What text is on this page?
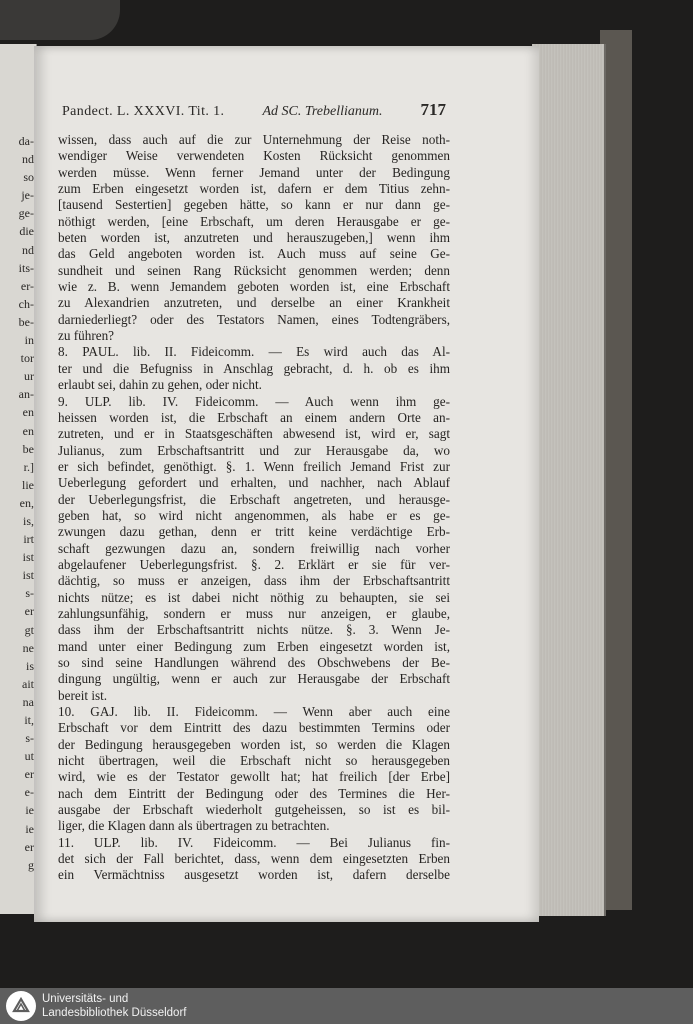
da-
nd
so
je-
ge-
die
nd
its-
er-
ch-
be-
in
tor
ur
an-
en
en
be
r.]
lie
en,
is,
irt
ist
ist
s-
er
gt
ne
is
ait
na
it,
s-
ut
er
e-
ie
ie
er
g
Pandect. L. XXXVI. Tit. 1.	Ad SC. Trebellianum. 717
wissen, dass auch auf die zur Unternehmung der Reise noth-
wendiger Weise verwendeten Kosten Rücksicht genommen
werden müsse. Wenn ferner Jemand unter der Bedingung
zum Erben eingesetzt worden ist, dafern er dem Titius zehn-
[tausend Sestertien] gegeben hätte, so kann er nur dann ge-
nöthigt werden, [eine Erbschaft, um deren Herausgabe er ge-
beten worden ist, anzutreten und herauszugeben,] wenn ihm
das Geld angeboten worden ist. Auch muss auf seine Ge-
sundheit und seinen Rang Rücksicht genommen werden; denn
wie z. B. wenn Jemandem geboten worden ist, eine Erbschaft
zu Alexandrien anzutreten, und derselbe an einer Krankheit
darniederliegt? oder des Testators Namen, eines Todtengräbers,
zu führen?
8. PAUL. lib. II. Fideicomm. — Es wird auch das Al-
ter und die Befugniss in Anschlag gebracht, d. h. ob es ihm
erlaubt sei, dahin zu gehen, oder nicht.
9. ULP. lib. IV. Fideicomm. — Auch wenn ihm ge-
heissen worden ist, die Erbschaft an einem andern Orte an-
zutreten, und er in Staatsgeschäften abwesend ist, wird er, sagt
Julianus, zum Erbschaftsantritt und zur Herausgabe da, wo
er sich befindet, genöthigt. §. 1. Wenn freilich Jemand Frist zur
Ueberlegung gefordert und erhalten, und nachher, nach Ablauf
der Ueberlegungsfrist, die Erbschaft angetreten, und herausge-
geben hat, so wird nicht angenommen, als habe er es ge-
zwungen dazu gethan, denn er tritt keine verdächtige Erb-
schaft gezwungen dazu an, sondern freiwillig nach vorher
abgelaufener Ueberlegungsfrist. §. 2. Erklärt er sie für ver-
dächtig, so muss er anzeigen, dass ihm der Erbschaftsantritt
nichts nütze; es ist dabei nicht nöthig zu behaupten, sie sei
zahlungsunfähig, sondern er muss nur anzeigen, er glaube,
dass ihm der Erbschaftsantritt nichts nütze. §. 3. Wenn Je-
mand unter einer Bedingung zum Erben eingesetzt worden ist,
so sind seine Handlungen während des Obschwebens der Be-
dingung ungültig, wenn er auch zur Herausgabe der Erbschaft
bereit ist.
10. GAJ. lib. II. Fideicomm. — Wenn aber auch eine
Erbschaft vor dem Eintritt des dazu bestimmten Termins oder
der Bedingung herausgegeben worden ist, so werden die Klagen
nicht übertragen, weil die Erbschaft nicht so herausgegeben
wird, wie es der Testator gewollt hat; hat freilich [der Erbe]
nach dem Eintritt der Bedingung oder des Termines die Her-
ausgabe der Erbschaft wiederholt gutgeheissen, so ist es bil-
liger, die Klagen dann als übertragen zu betrachten.
11. ULP. lib. IV. Fideicomm. — Bei Julianus fin-
det sich der Fall berichtet, dass, wenn dem eingesetzten Erben
ein Vermächtniss ausgesetzt worden ist, dafern derselbe
Universitäts- und
Landesbibliothek Düsseldorf
